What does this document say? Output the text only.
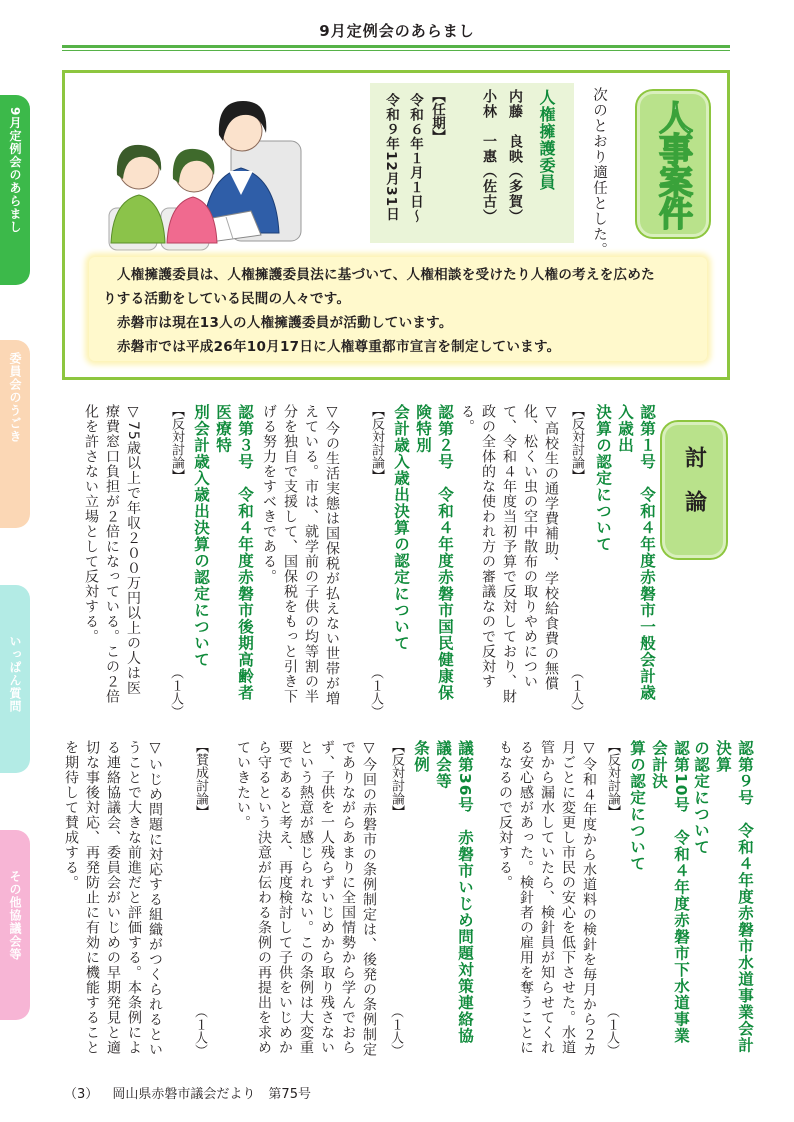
9月定例会のあらまし
9月定例会のあらまし
委員会のうごき
いっぱん質問
その他協議会等
人事案件
次のとおり適任とした。
人権擁護委員
内藤　良映（多賀）
小林　一惠（佐古）
【任期】
令和６年１月１日～
令和９年12月31日

人権擁護委員は、人権擁護委員法に基づいて、人権相談を受けたり人権の考えを広めた

りする活動をしている民間の人々です。

赤磐市は現在13人の人権擁護委員が活動しています。

赤磐市では平成26年10月17日に人権尊重都市宣言を制定しています。

討論
認第１号　令和４年度赤磐市一般会計歳入歳出
決算の認定について
【反対討論】
（１人）
▽高校生の通学費補助、学校給食費の無償化、松くい虫の空中散布の取りやめについて、令和４年度当初予算で反対しており、財政の全体的な使われ方の審議なので反対する。
認第２号　令和４年度赤磐市国民健康保険特別
会計歳入歳出決算の認定について
【反対討論】
（１人）
▽今の生活実態は国保税が払えない世帯が増えている。市は、就学前の子供の均等割の半分を独自で支援して、国保税をもっと引き下げる努力をすべきである。
認第３号　令和４年度赤磐市後期高齢者医療特
別会計歳入歳出決算の認定について
【反対討論】
（１人）
▽75歳以上で年収２００万円以上の人は医療費窓口負担が２倍になっている。この２倍化を許さない立場として反対する。
認第９号　令和４年度赤磐市水道事業会計決算
の認定について
認第10号　令和４年度赤磐市下水道事業会計決
算の認定について
【反対討論】
（１人）
▽令和４年度から水道料の検針を毎月から２カ月ごとに変更し市民の安心を低下させた。水道管から漏水していたら、検針員が知らせてくれる安心感があった。検針者の雇用を奪うことにもなるので反対する。
議第36号　赤磐市いじめ問題対策連絡協議会等
条例
【反対討論】
（１人）
▽今回の赤磐市の条例制定は、後発の条例制定でありながらあまりに全国情勢から学んでおらず、子供を一人残らずいじめから取り残さないという熱意が感じられない。この条例は大変重要であると考え、再度検討して子供をいじめから守るという決意が伝わる条例の再提出を求めていきたい。
【賛成討論】
（１人）
▽いじめ問題に対応する組織がつくられるということで大きな前進だと評価する。本条例による連絡協議会、委員会がいじめの早期発見と適切な事後対応、再発防止に有効に機能することを期待して賛成する。
（3） 岡山県赤磐市議会だより　第75号
